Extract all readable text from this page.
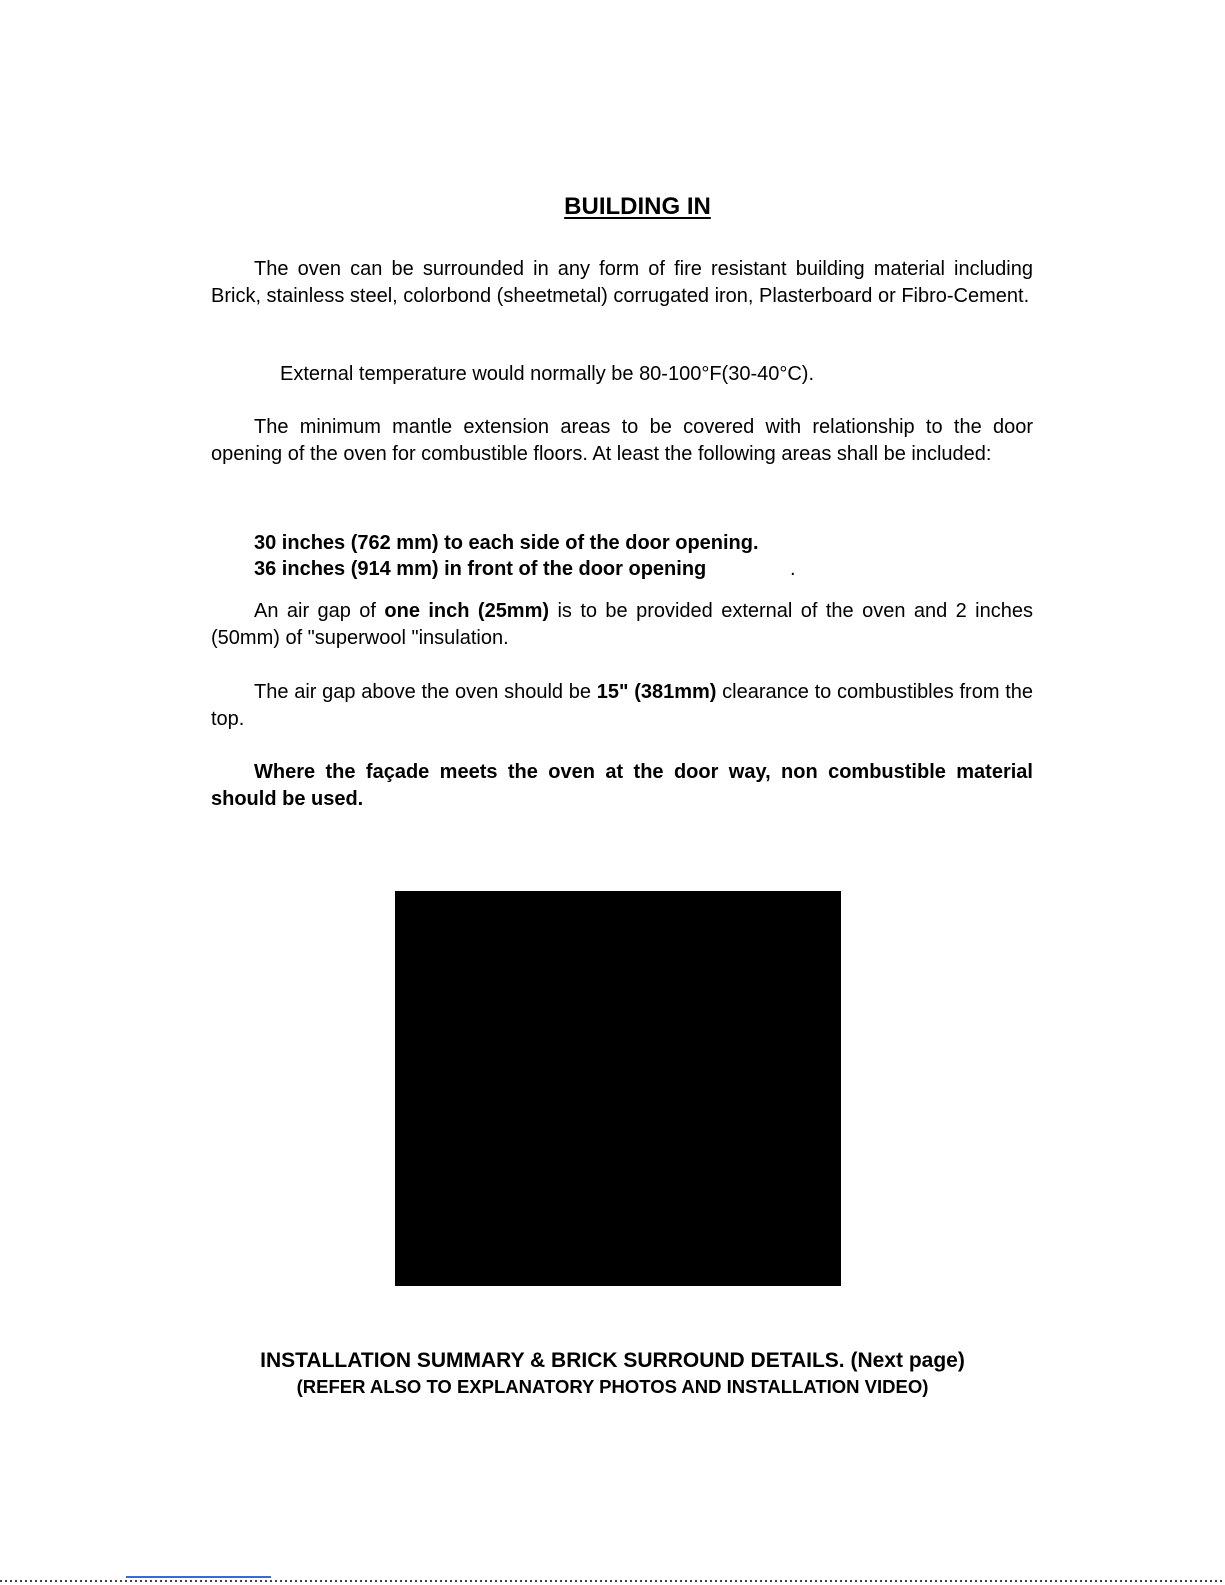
BUILDING IN
The oven can be surrounded in any form of fire resistant building material including Brick, stainless steel, colorbond (sheetmetal) corrugated iron, Plasterboard or Fibro-Cement.
External temperature would normally be 80-100°F(30-40°C).
The minimum mantle extension areas to be covered with relationship to the door opening of the oven for combustible floors. At least the following areas shall be included:
30 inches (762 mm) to each side of the door opening.
36 inches (914 mm) in front of the door opening	.
An air gap of one inch (25mm) is to be provided external of the oven and 2 inches (50mm) of "superwool "insulation.
The air gap above the oven should be 15" (381mm) clearance to combustibles from the top.
Where the façade meets the oven at the door way, non combustible material should be used.
INSTALLATION SUMMARY & BRICK SURROUND DETAILS. (Next page)
(REFER ALSO TO EXPLANATORY PHOTOS AND INSTALLATION VIDEO)
